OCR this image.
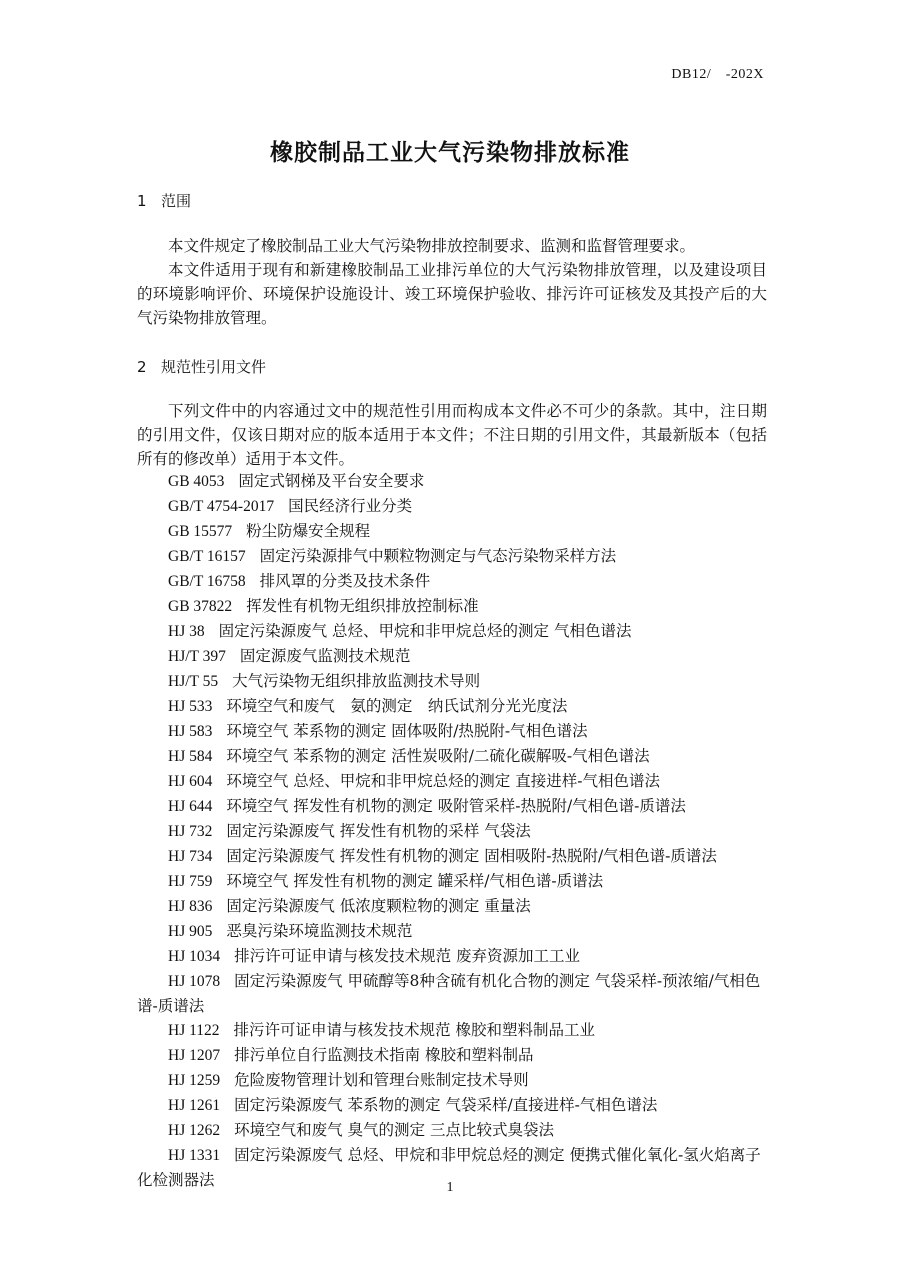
DB12/　-202X
橡胶制品工业大气污染物排放标准
1 范围
本文件规定了橡胶制品工业大气污染物排放控制要求、监测和监督管理要求。
本文件适用于现有和新建橡胶制品工业排污单位的大气污染物排放管理，以及建设项目的环境影响评价、环境保护设施设计、竣工环境保护验收、排污许可证核发及其投产后的大气污染物排放管理。
2 规范性引用文件
下列文件中的内容通过文中的规范性引用而构成本文件必不可少的条款。其中，注日期的引用文件，仅该日期对应的版本适用于本文件；不注日期的引用文件，其最新版本（包括所有的修改单）适用于本文件。
GB 4053 固定式钢梯及平台安全要求
GB/T 4754-2017 国民经济行业分类
GB 15577 粉尘防爆安全规程
GB/T 16157 固定污染源排气中颗粒物测定与气态污染物采样方法
GB/T 16758 排风罩的分类及技术条件
GB 37822 挥发性有机物无组织排放控制标准
HJ 38 固定污染源废气 总烃、甲烷和非甲烷总烃的测定 气相色谱法
HJ/T 397 固定源废气监测技术规范
HJ/T 55 大气污染物无组织排放监测技术导则
HJ 533 环境空气和废气　氨的测定　纳氏试剂分光光度法
HJ 583 环境空气 苯系物的测定 固体吸附/热脱附-气相色谱法
HJ 584 环境空气 苯系物的测定 活性炭吸附/二硫化碳解吸-气相色谱法
HJ 604 环境空气 总烃、甲烷和非甲烷总烃的测定 直接进样-气相色谱法
HJ 644 环境空气 挥发性有机物的测定 吸附管采样-热脱附/气相色谱-质谱法
HJ 732 固定污染源废气 挥发性有机物的采样 气袋法
HJ 734 固定污染源废气 挥发性有机物的测定 固相吸附-热脱附/气相色谱-质谱法
HJ 759 环境空气 挥发性有机物的测定 罐采样/气相色谱-质谱法
HJ 836 固定污染源废气 低浓度颗粒物的测定 重量法
HJ 905 恶臭污染环境监测技术规范
HJ 1034 排污许可证申请与核发技术规范 废弃资源加工工业
HJ 1078 固定污染源废气 甲硫醇等8种含硫有机化合物的测定 气袋采样-预浓缩/气相色谱-质谱法
HJ 1122 排污许可证申请与核发技术规范 橡胶和塑料制品工业
HJ 1207 排污单位自行监测技术指南 橡胶和塑料制品
HJ 1259 危险废物管理计划和管理台账制定技术导则
HJ 1261 固定污染源废气 苯系物的测定 气袋采样/直接进样-气相色谱法
HJ 1262 环境空气和废气 臭气的测定 三点比较式臭袋法
HJ 1331 固定污染源废气 总烃、甲烷和非甲烷总烃的测定 便携式催化氧化-氢火焰离子化检测器法	1
